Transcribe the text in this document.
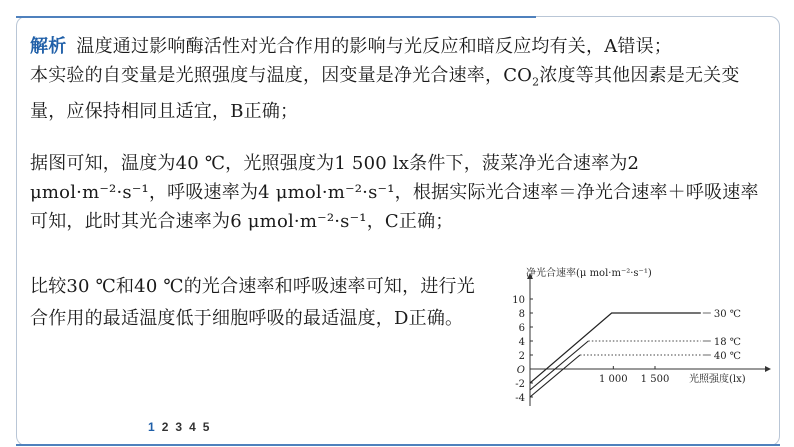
解析 温度通过影响酶活性对光合作用的影响与光反应和暗反应均有关，A错误；
本实验的自变量是光照强度与温度，因变量是净光合速率，$CO_2$浓度等其他因素是无关变量，应保持相同且适宜，B正确；
据图可知，温度为40 ℃，光照强度为1 500 lx条件下，菠菜净光合速率为2 μmol·m⁻²·s⁻¹，呼吸速率为4 μmol·m⁻²·s⁻¹，根据实际光合速率＝净光合速率＋呼吸速率可知，此时其光合速率为6 μmol·m⁻²·s⁻¹，C正确；
比较30 ℃和40 ℃的光合速率和呼吸速率可知，进行光合作用的最适温度低于细胞呼吸的最适温度，D正确。
净光合速率(μ mol·m⁻²·s⁻¹)
光照强度(lx)
10
8
6
4
2
O
-2
-4
1 000 1 500
30 ℃
18 ℃
40 ℃
1 2 3 4 5
